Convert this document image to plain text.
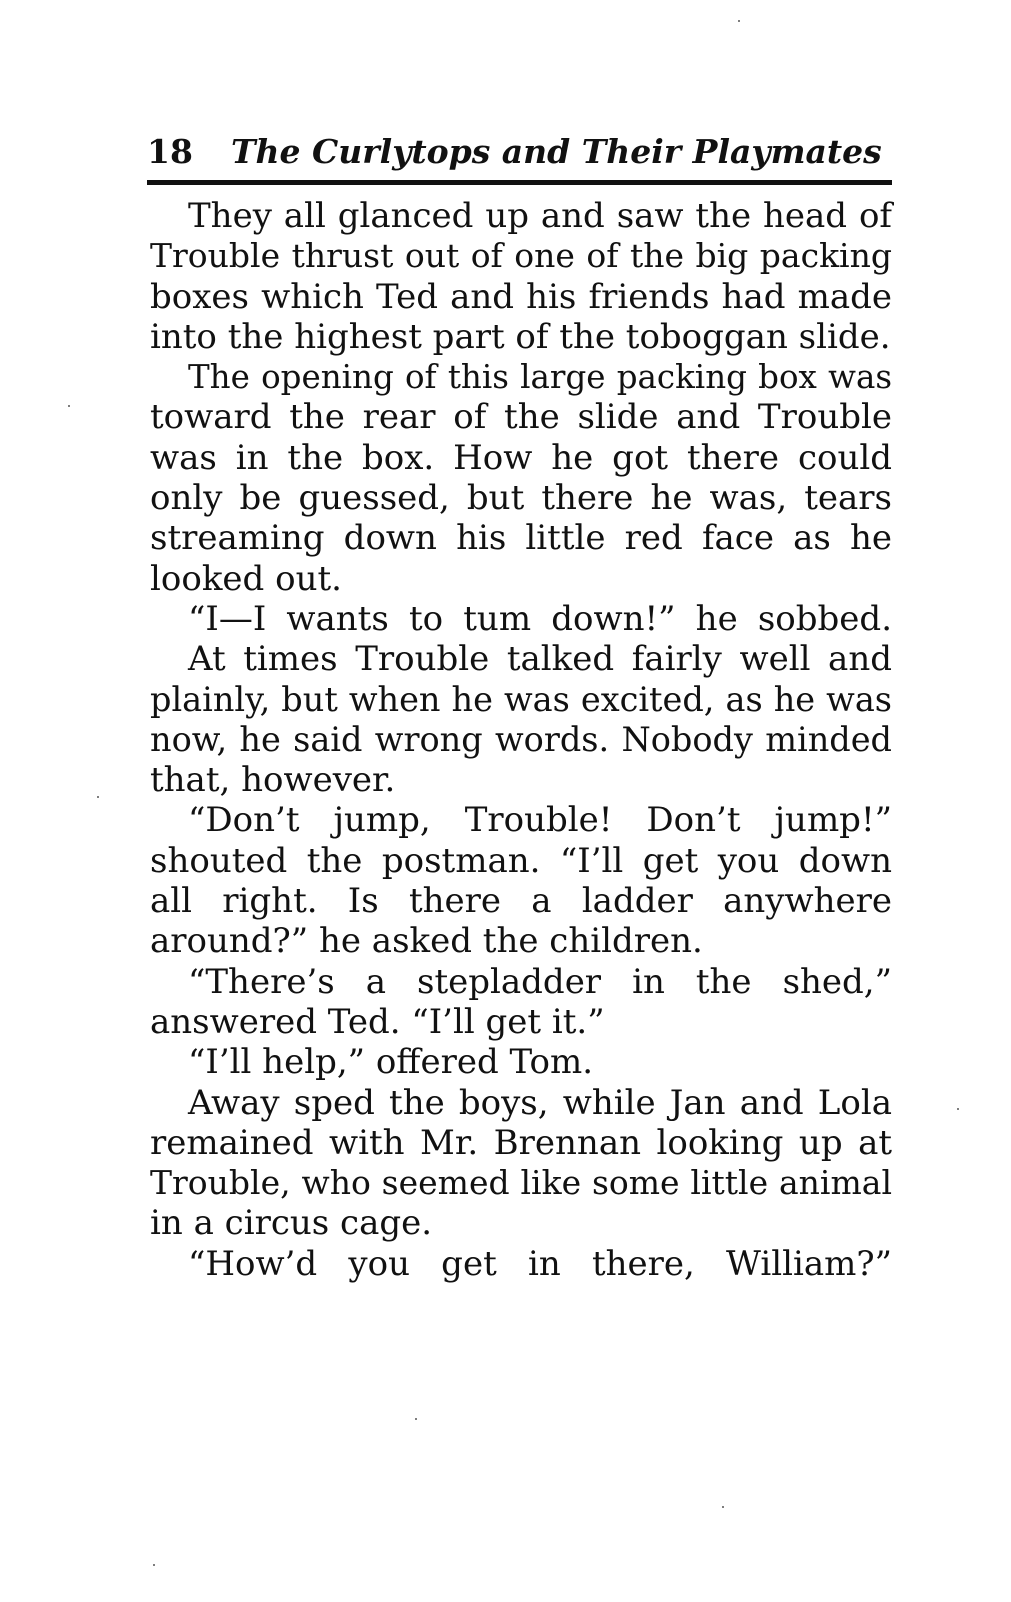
18 The Curlytops and Their Playmates
They all glanced up and saw the head of
Trouble thrust out of one of the big packing
boxes which Ted and his friends had made
into the highest part of the toboggan slide.
The opening of this large packing box was
toward the rear of the slide and Trouble
was in the box. How he got there could
only be guessed, but there he was, tears
streaming down his little red face as he
looked out.
“I—I wants to tum down!” he sobbed.
At times Trouble talked fairly well and
plainly, but when he was excited, as he was
now, he said wrong words. Nobody minded
that, however.
“Don’t jump, Trouble! Don’t jump!”
shouted the postman. “I’ll get you down
all right. Is there a ladder anywhere
around?” he asked the children.
“There’s a stepladder in the shed,”
answered Ted. “I’ll get it.”
“I’ll help,” offered Tom.
Away sped the boys, while Jan and Lola
remained with Mr. Brennan looking up at
Trouble, who seemed like some little animal
in a circus cage.
“How’d you get in there, William?”
